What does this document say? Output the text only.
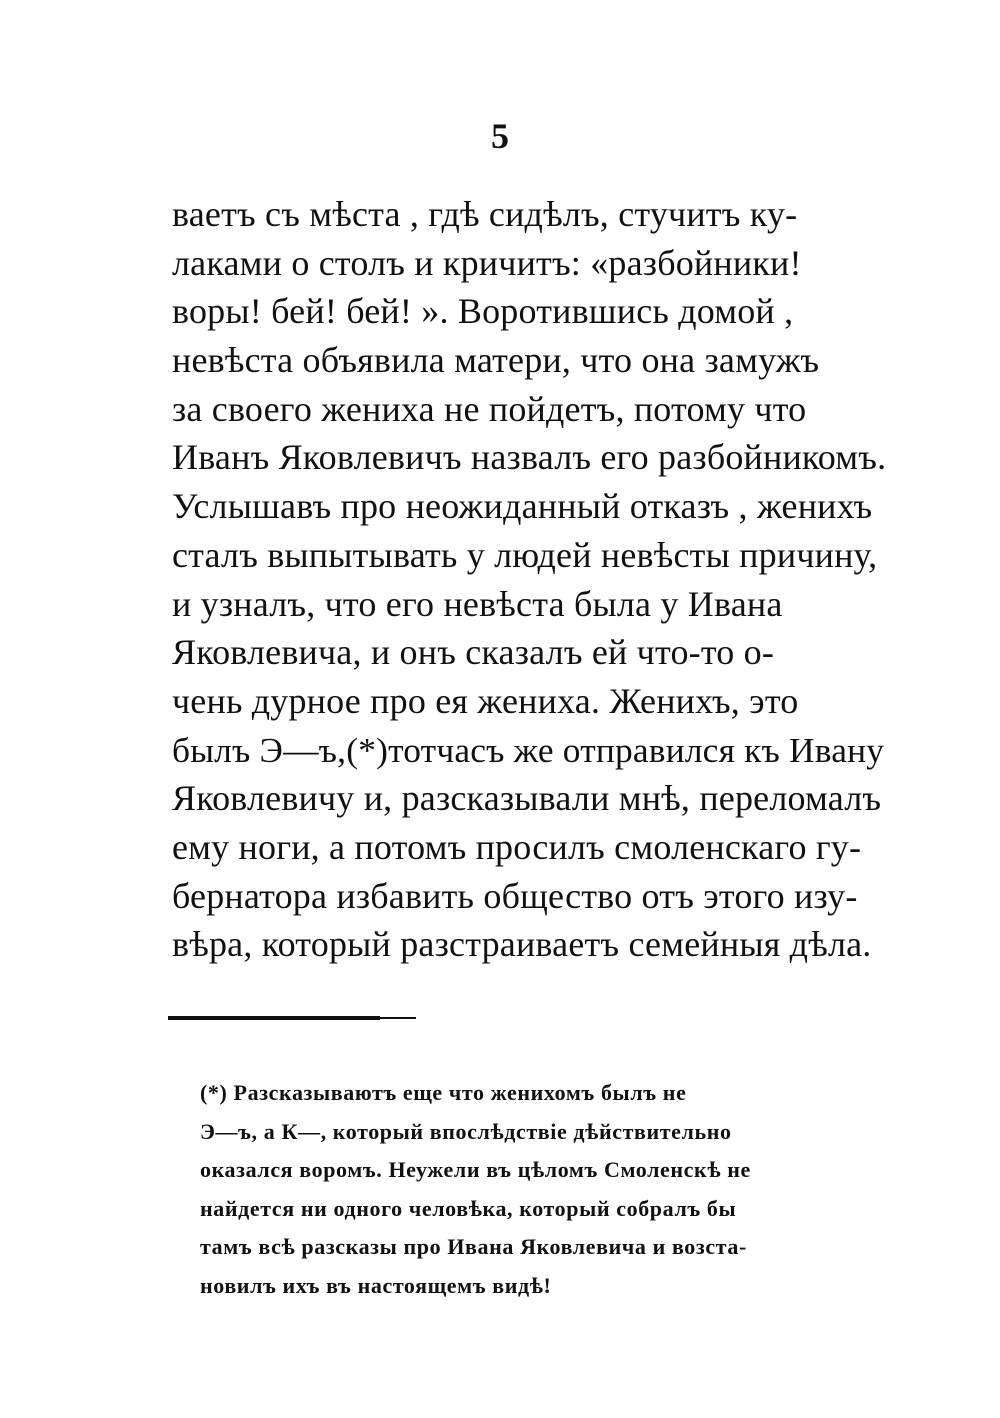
5
ваетъ съ мѣста , гдѣ сидѣлъ, стучитъ ку-
лаками о столъ и кричитъ: «разбойники!
воры! бей! бей! ». Воротившись домой ,
невѣста объявила матери, что она замужъ
за своего жениха не пойдетъ, потому что
Иванъ Яковлевичъ назвалъ его разбойникомъ.
Услышавъ про неожиданный отказъ , женихъ
сталъ выпытывать у людей невѣсты причину,
и узналъ, что его невѣста была у Ивана
Яковлевича, и онъ сказалъ ей что-то о-
чень дурное про ея жениха. Женихъ, это
былъ Э—ъ,(*)тотчасъ же отправился къ Ивану
Яковлевичу и, разсказывали мнѣ, переломалъ
ему ноги, а потомъ просилъ смоленскаго гу-
бернатора избавить общество отъ этого изу-
вѣра, который разстраиваетъ семейныя дѣла.
(*) Разсказываютъ еще что женихомъ былъ не
Э—ъ, а К—, который впослѣдствіе дѣйствительно
оказался воромъ. Неужели въ цѣломъ Смоленскѣ не
найдется ни одного человѣка, который собралъ бы
тамъ всѣ разсказы про Ивана Яковлевича и возста-
новилъ ихъ въ настоящемъ видѣ!
